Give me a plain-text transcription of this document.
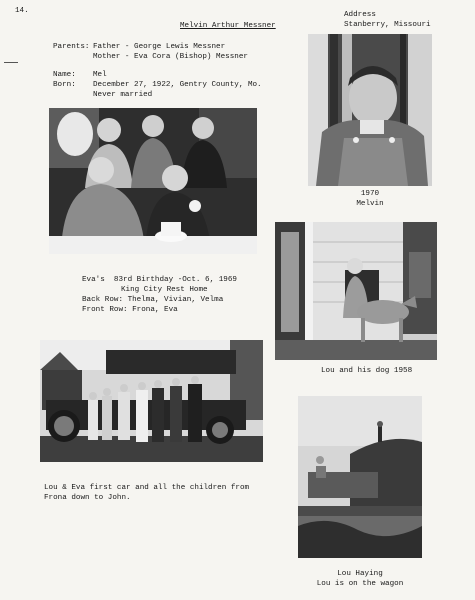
14.
Melvin Arthur Messner
Address
Stanberry, Missouri
Parents: Father - George Lewis Messner
Mother - Eva Cora (Bishop) Messner
Name: Mel
Born: December 27, 1922, Gentry County, Mo.
Never married
1970
Melvin
Eva's  83rd Birthday -Oct. 6, 1969
King City Rest Home
Back Row: Thelma, Vivian, Velma
Front Row: Frona, Eva
Lou and his dog 1958
Lou & Eva first car and all the children from
Frona down to John.
Lou Haying
Lou is on the wagon
